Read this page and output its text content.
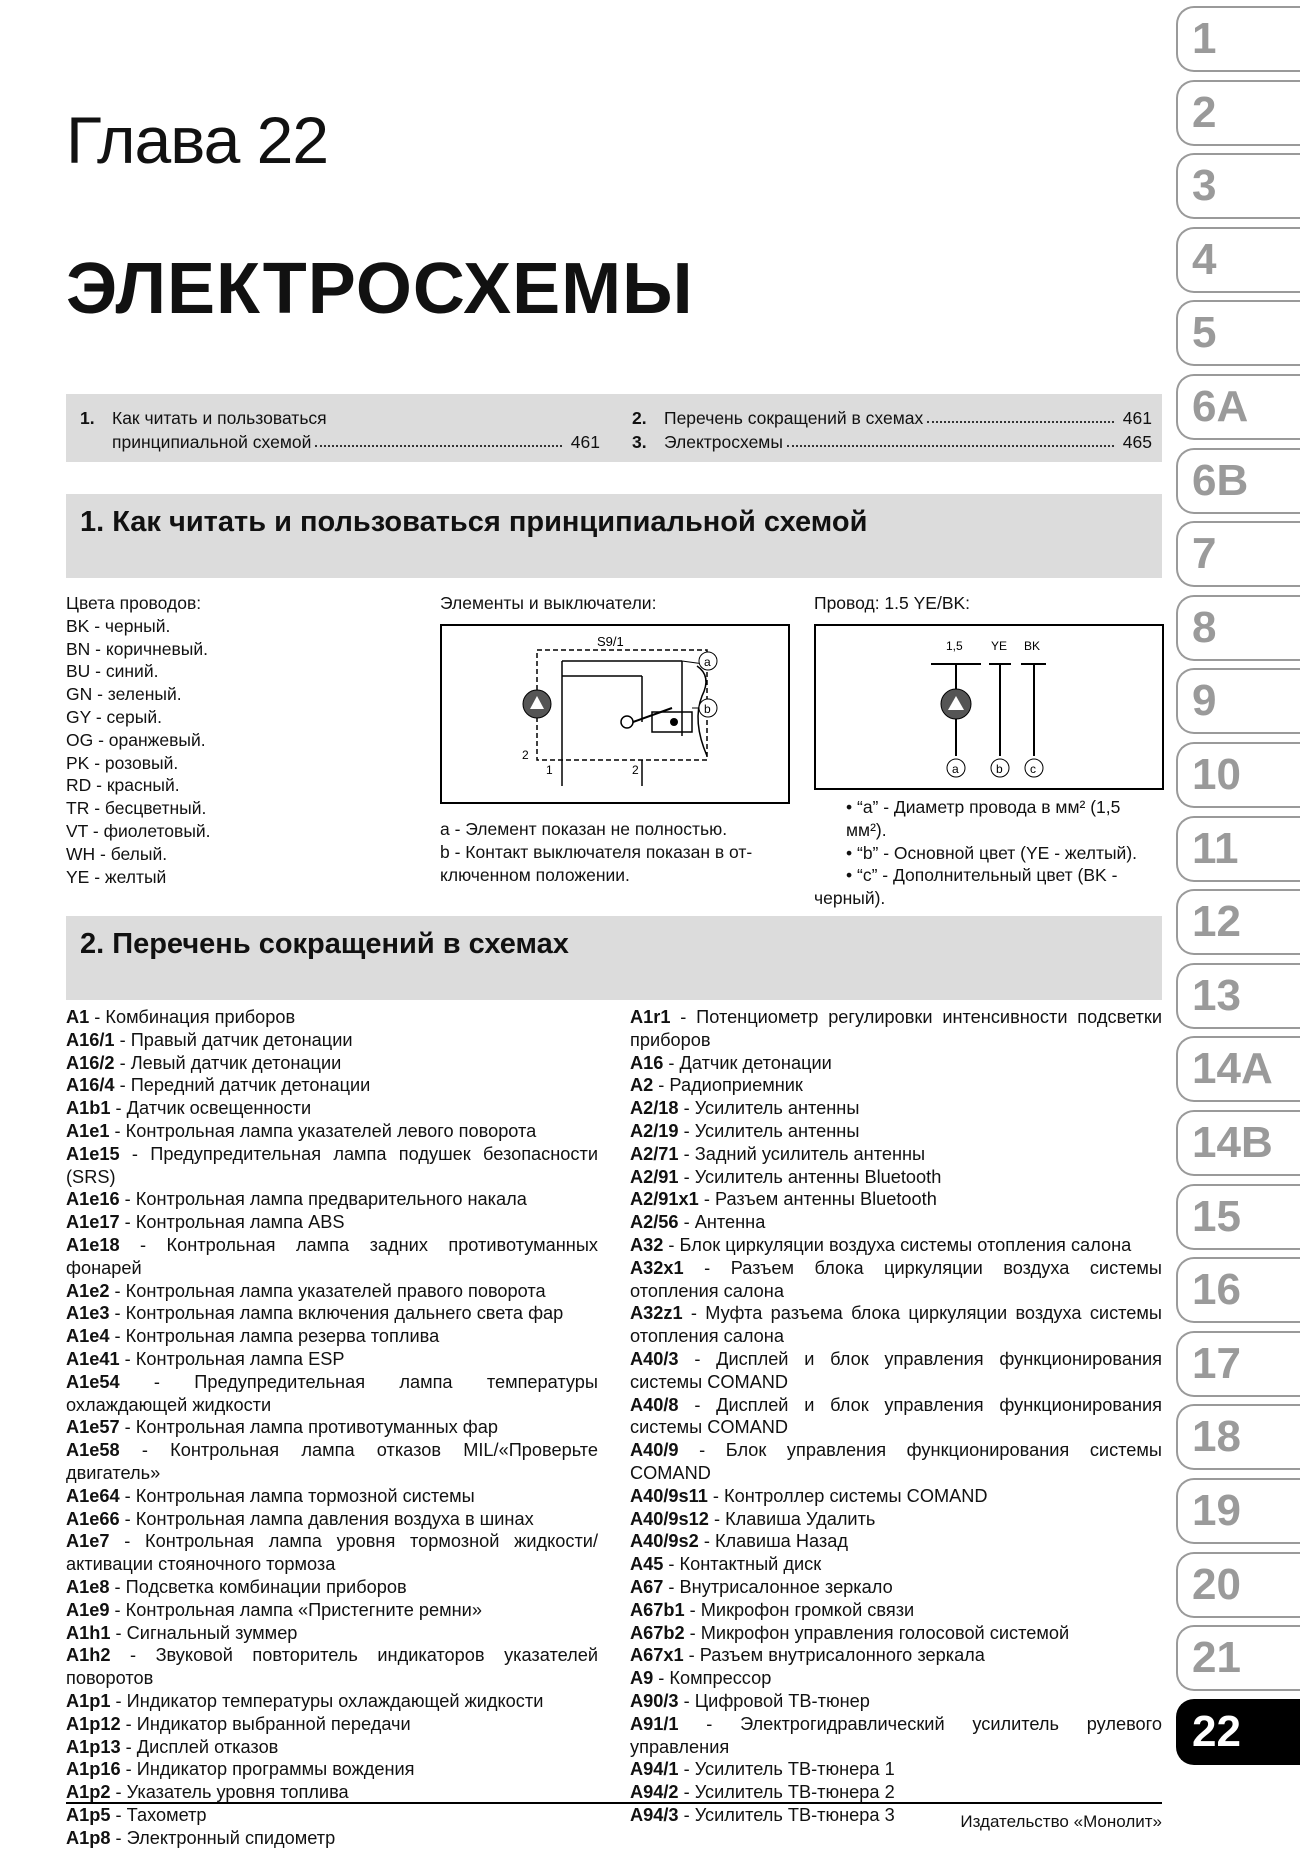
1
2
3
4
5
6A
6B
7
8
9
10
11
12
13
14A
14B
15
16
17
18
19
20
21
22
Глава 22
ЭЛЕКТРОСХЕМЫ
1. Как читать и пользоваться
принципиальной схемой	461
2. Перечень сокращений в схемах	461
3. Электросхемы	465
1. Как читать и пользоваться принципиальной схемой
Цвета проводов:
BK - черный.
BN - коричневый.
BU - синий.
GN - зеленый.
GY - серый.
OG - оранжевый.
PK - розовый.
RD - красный.
TR - бесцветный.
VT - фиолетовый.
WH - белый.
YE - желтый
Элементы и выключатели:
S9/1
a
b
2
1	2
a - Элемент показан не полностью.
b - Контакт выключателя показан в от-
ключенном положении.
Провод: 1.5 YE/BK:
1,5 YE BK
a	b c
• “a” - Диаметр провода в мм² (1,5 мм²).
• “b” - Основной цвет (YE - желтый).
• “c” - Дополнительный цвет (BK -
черный).
2. Перечень сокращений в схемах

A1 - Комбинация приборов

A16/1 - Правый датчик детонации

A16/2 - Левый датчик детонации

A16/4 - Передний датчик детонации

A1b1 - Датчик освещенности

A1e1 - Контрольная лампа указателей левого поворота

A1e15 - Предупредительная лампа подушек безопасности (SRS)

A1e16 - Контрольная лампа предварительного накала

A1e17 - Контрольная лампа ABS

A1e18 - Контрольная лампа задних противотуманных фонарей

A1e2 - Контрольная лампа указателей правого поворота

A1e3 - Контрольная лампа включения дальнего света фар

A1e4 - Контрольная лампа резерва топлива

A1e41 - Контрольная лампа ESP

A1e54 - Предупредительная лампа температуры охлаждающей жидкости

A1e57 - Контрольная лампа противотуманных фар

A1e58 - Контрольная лампа отказов MIL/«Проверьте двигатель»

A1e64 - Контрольная лампа тормозной системы

A1e66 - Контрольная лампа давления воздуха в шинах

A1e7 - Контрольная лампа уровня тормозной жидкости/активации стояночного тормоза

A1e8 - Подсветка комбинации приборов

A1e9 - Контрольная лампа «Пристегните ремни»

A1h1 - Сигнальный зуммер

A1h2 - Звуковой повторитель индикаторов указателей поворотов

A1p1 - Индикатор температуры охлаждающей жидкости

A1p12 - Индикатор выбранной передачи

A1p13 - Дисплей отказов

A1p16 - Индикатор программы вождения

A1p2 - Указатель уровня топлива

A1p5 - Тахометр

A1p8 - Электронный спидометр

A1r1 - Потенциометр регулировки интенсивности подсветки приборов

A16 - Датчик детонации

A2 - Радиоприемник

A2/18 - Усилитель антенны

A2/19 - Усилитель антенны

A2/71 - Задний усилитель антенны

A2/91 - Усилитель антенны Bluetooth

A2/91x1 - Разъем антенны Bluetooth

A2/56 - Антенна

A32 - Блок циркуляции воздуха системы отопления салона

A32x1 - Разъем блока циркуляции воздуха системы отопления салона

A32z1 - Муфта разъема блока циркуляции воздуха системы отопления салона

A40/3 - Дисплей и блок управления функционирования системы COMAND

A40/8 - Дисплей и блок управления функционирования системы COMAND

A40/9 - Блок управления функционирования системы COMAND

A40/9s11 - Контроллер системы COMAND

A40/9s12 - Клавиша Удалить

A40/9s2 - Клавиша Назад

A45 - Контактный диск

A67 - Внутрисалонное зеркало

A67b1 - Микрофон громкой связи

A67b2 - Микрофон управления голосовой системой

A67x1 - Разъем внутрисалонного зеркала

A9 - Компрессор

A90/3 - Цифровой ТВ-тюнер

A91/1 - Электрогидравлический усилитель рулевого управления

A94/1 - Усилитель ТВ-тюнера 1

A94/2 - Усилитель ТВ-тюнера 2

A94/3 - Усилитель ТВ-тюнера 3	Издательство «Монолит»
